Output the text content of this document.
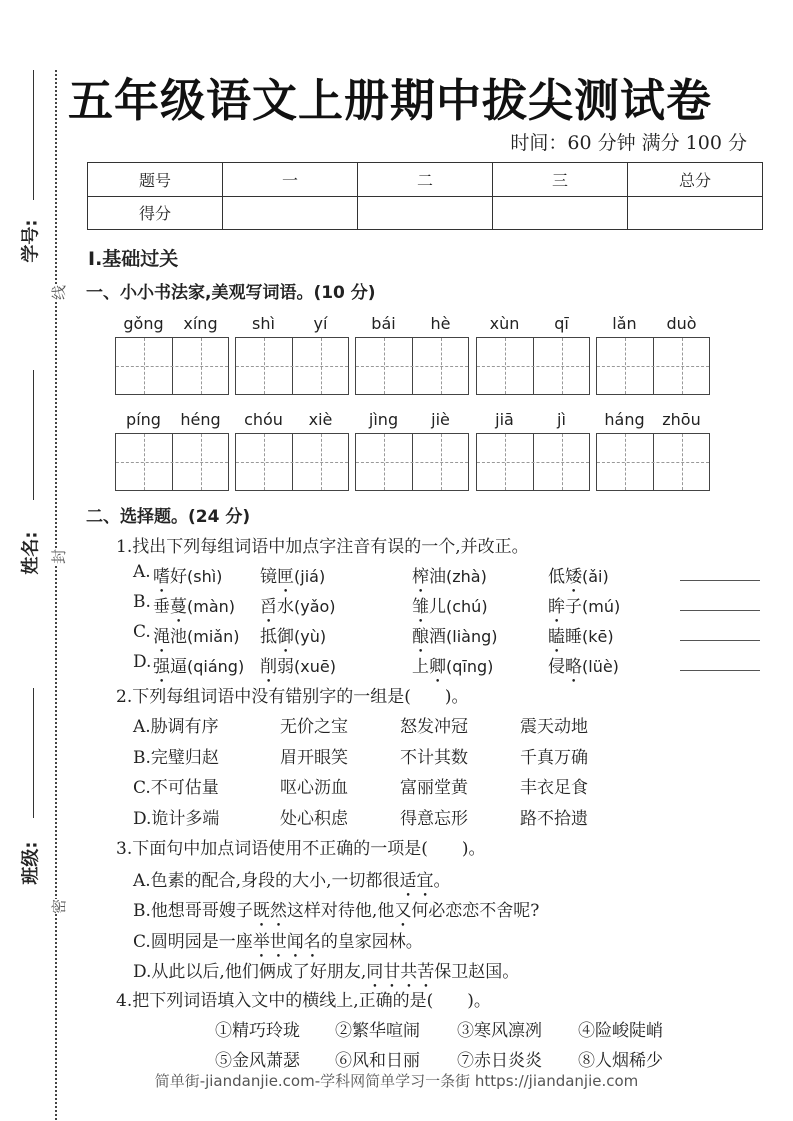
学号:
姓名:
班级:
线
封
密
五年级语文上册期中拔尖测试卷
时间：60 分钟 满分 100 分
题号	一	二	三	总分
得分				
Ⅰ.基础过关
一、小小书法家,美观写词语。(10 分)
gǒng	xíng	shì	yí	bái	hè	xùn	qī	lǎn	duò
píng	héng	chóu	xiè	jìng	jiè	jiā	jì	háng	zhōu
二、选择题。(24 分)
1.找出下列每组词语中加点字注音有误的一个,并改正。
A. 嗜好(shì) 镜匣(jiá)	榨油(zhà)	低矮(ǎi)
B. 垂蔓(màn) 舀水(yǎo)	雏儿(chú)	眸子(mú)
C. 渑池(miǎn) 抵御(yù)	酿酒(liàng)	瞌睡(kē)
D. 强逼(qiáng) 削弱(xuē)	上卿(qīng)	侵略(lüè)
2.下列每组词语中没有错别字的一组是(　　)。
A.胁调有序	无价之宝	怒发冲冠	震天动地
B.完璧归赵	眉开眼笑	不计其数	千真万确
C.不可估量	呕心沥血	富丽堂黄	丰衣足食
D.诡计多端	处心积虑	得意忘形	路不拾遗
3.下面句中加点词语使用不正确的一项是(　　)。
A.色素的配合,身段的大小,一切都很适宜。
B.他想哥哥嫂子既然这样对待他,他又何必恋恋不舍呢?
C.圆明园是一座举世闻名的皇家园林。
D.从此以后,他们俩成了好朋友,同甘共苦保卫赵国。
4.把下列词语填入文中的横线上,正确的是(　　)。
①精巧玲珑 ②繁华喧闹 ③寒风凛冽 ④险峻陡峭
⑤金风萧瑟 ⑥风和日丽 ⑦赤日炎炎 ⑧人烟稀少
简单街-jiandanjie.com-学科网简单学习一条街 https://jiandanjie.com
